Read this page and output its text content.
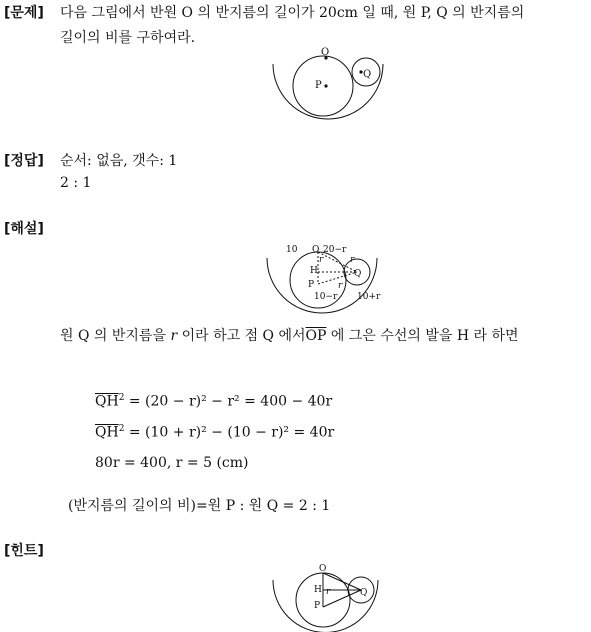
[문제] 다음 그림에서 반원 O 의 반지름의 길이가 20cm 일 때, 원 P, Q 의 반지름의
길이의 비를 구하여라.
O
P
Q
[정답] 순서: 없음, 갯수: 1
2 : 1
[해설]
10 O 20−r
r	r
H	Q
P	r
10−r 10+r
원 Q 의 반지름을 r 이라 하고 점 Q 에서$\overline{OP}$ 에 그은 수선의 발을 H 라 하면
$\overline{QH}^2 = (20 - r)^2 - r^2 = 400 - 40r$
$\overline{QH}^2 = (10 + r)^2 - (10 - r)^2 = 40r$
80r = 400, r = 5 (cm)
(반지름의 길이의 비)=원 P : 원 Q = 2 : 1
[힌트]
O
H r
P
Q
